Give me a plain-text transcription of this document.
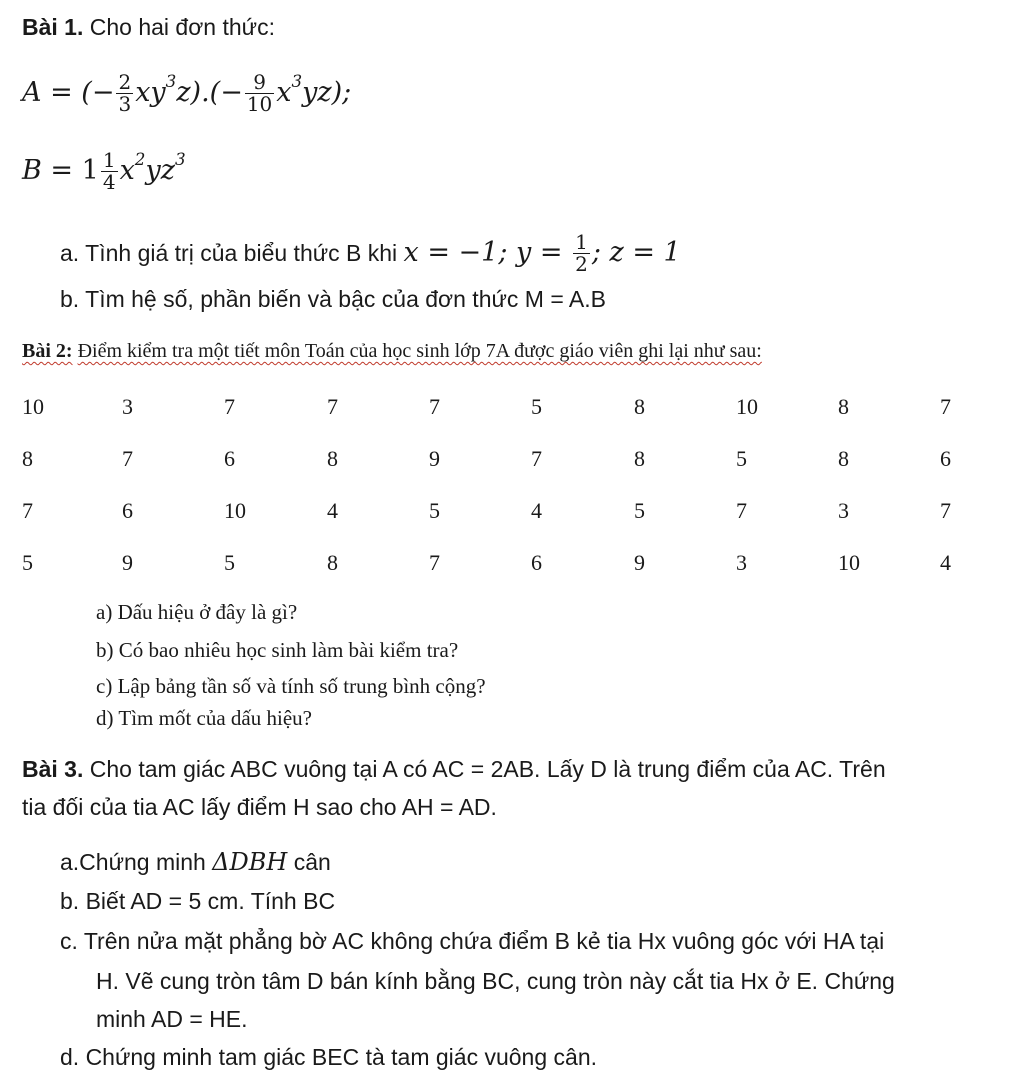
Bài 1. Cho hai đơn thức:
A = (− $\frac{2}{3} xy^3z).(- \frac{9}{10} x^3yz)$;
$B = 1 \frac{1}{4} x^2yz^3$
a. Tình giá trị của biểu thức B khi x = −1; $y = \frac{1}{2}$ ; z = 1
b. Tìm hệ số, phần biến và bậc của đơn thức M = A.B
Bài 2: Điểm kiểm tra một tiết môn Toán của học sinh lớp 7A được giáo viên ghi lại như sau:
10	3	7	7	7	5	8	10	8	7
8	7	6	8	9	7	8	5	8	6
7	6	10	4	5	4	5	7	3	7
5	9	5	8	7	6	9	3	10	4
a) Dấu hiệu ở đây là gì?
b) Có bao nhiêu học sinh làm bài kiểm tra?
c) Lập bảng tần số và tính số trung bình cộng?
d) Tìm mốt của dấu hiệu?
Bài 3. Cho tam giác ABC vuông tại A có AC = 2AB. Lấy D là trung điểm của AC. Trên
tia đối của tia AC lấy điểm H sao cho AH = AD.
a.Chứng minh ΔDBH cân
b. Biết AD = 5 cm. Tính BC
c. Trên nửa mặt phẳng bờ AC không chứa điểm B kẻ tia Hx vuông góc với HA tại
H. Vẽ cung tròn tâm D bán kính bằng BC, cung tròn này cắt tia Hx ở E. Chứng
minh AD = HE.
d. Chứng minh tam giác BEC tà tam giác vuông cân.
